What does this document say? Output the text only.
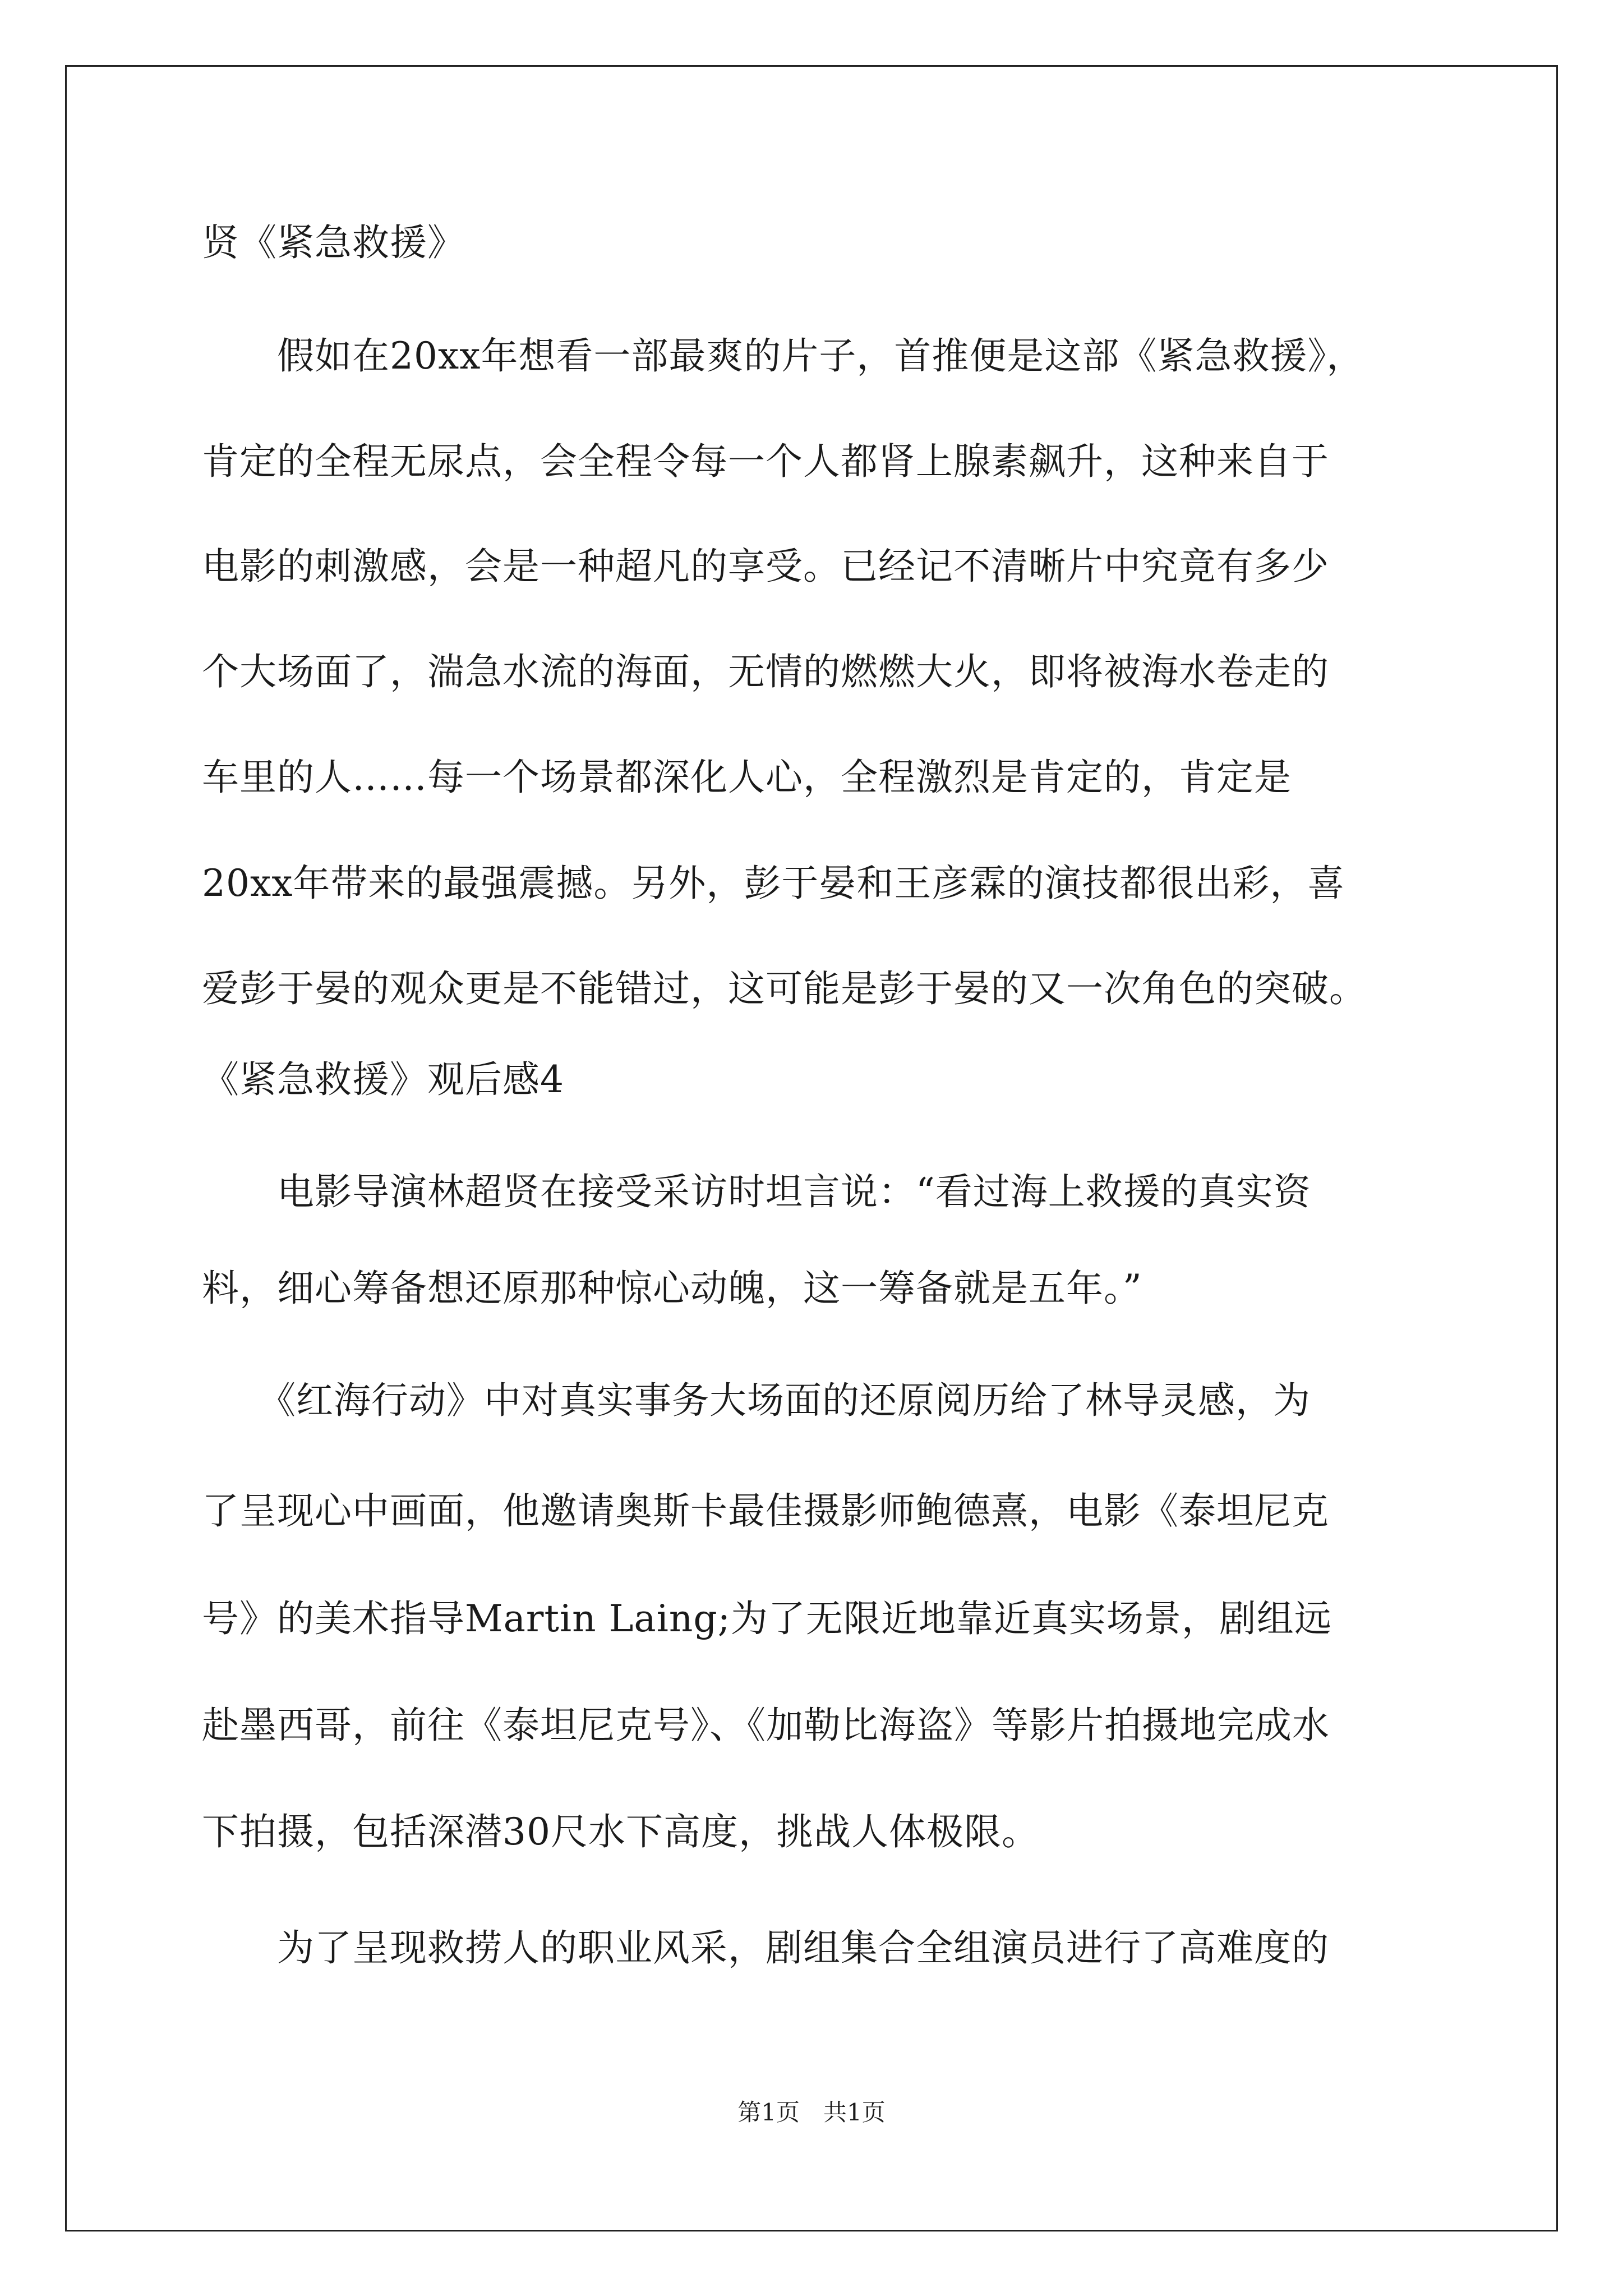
贤《紧急救援》
　　假如在20xx年想看一部最爽的片子，首推便是这部《紧急救援》，
肯定的全程无尿点，会全程令每一个人都肾上腺素飙升，这种来自于
电影的刺激感，会是一种超凡的享受。已经记不清晰片中究竟有多少
个大场面了，湍急水流的海面，无情的燃燃大火，即将被海水卷走的
车里的人……每一个场景都深化人心，全程激烈是肯定的，肯定是
20xx年带来的最强震撼。另外，彭于晏和王彦霖的演技都很出彩，喜
爱彭于晏的观众更是不能错过，这可能是彭于晏的又一次角色的突破。
《紧急救援》观后感4
　　电影导演林超贤在接受采访时坦言说：“看过海上救援的真实资
料，细心筹备想还原那种惊心动魄，这一筹备就是五年。”
　　《红海行动》中对真实事务大场面的还原阅历给了林导灵感，为
了呈现心中画面，他邀请奥斯卡最佳摄影师鲍德熹，电影《泰坦尼克
号》的美术指导Martin Laing;为了无限近地靠近真实场景，剧组远
赴墨西哥，前往《泰坦尼克号》、《加勒比海盗》等影片拍摄地完成水
下拍摄，包括深潜30尺水下高度，挑战人体极限。
　　为了呈现救捞人的职业风采，剧组集合全组演员进行了高难度的
第1页　共1页
